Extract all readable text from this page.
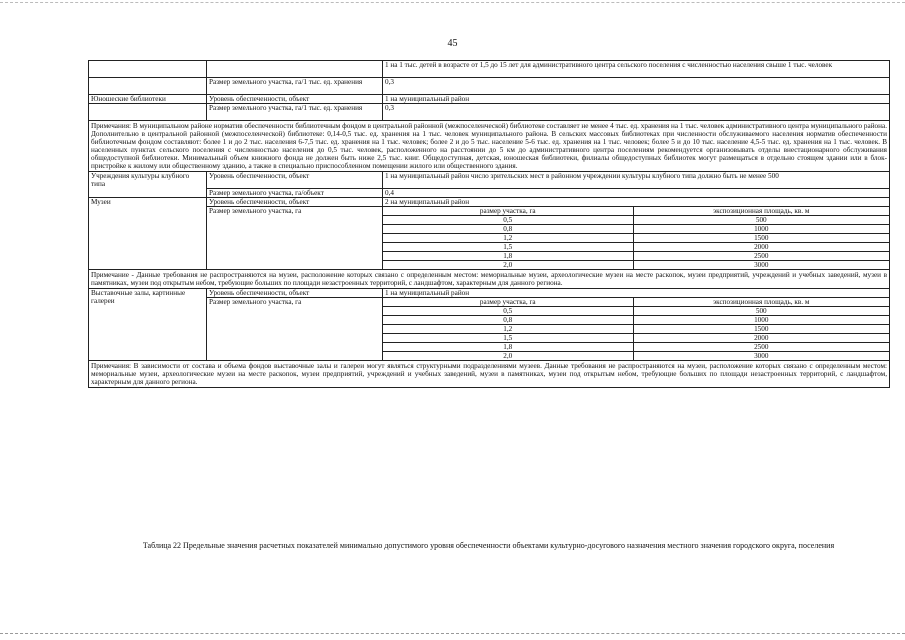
45
		1 на 1 тыс. детей в возрасте от 1,5 до 15 лет для административного центра сельского поселения с численностью населения свыше 1 тыс. человек
	Размер земельного участка, га/1 тыс. ед. хранения	0,3
Юношеские библиотеки	Уровень обеспеченности, объект	1 на муниципальный район
	Размер земельного участка, га/1 тыс. ед. хранения	0,3
Примечания: В муниципальном районе норматив обеспеченности библиотечным фондом в центральной районной (межпоселенческой) библиотеке составляет не менее 4 тыс. ед. хранения на 1 тыс. человек административного центра муниципального района. Дополнительно в центральной районной (межпоселенческой) библиотеке: 0,14-0,5 тыс. ед. хранения на 1 тыс. человек муниципального района. В сельских массовых библиотеках при численности обслуживаемого населения норматив обеспеченности библиотечным фондом составляют: более 1 и до 2 тыс. населения 6-7,5 тыс. ед. хранения на 1 тыс. человек; более 2 и до 5 тыс. население 5-6 тыс. ед. хранения на 1 тыс. человек; более 5 и до 10 тыс. население 4,5-5 тыс. ед. хранения на 1 тыс. человек. В населенных пунктах сельского поселения с численностью населения до 0,5 тыс. человек, расположенного на расстоянии до 5 км до административного центра поселениям рекомендуется организовывать отделы внестационарного обслуживания общедоступной библиотеки. Минимальный объем книжного фонда не должен быть ниже 2,5 тыс. книг. Общедоступная, детская, юношеская библиотеки, филиалы общедоступных библиотек могут размещаться в отдельно стоящем здании или в блок-пристройке к жилому или общественному зданию, а также в специально приспособленном помещении жилого или общественного здания.
Учреждения культуры клубного типа	Уровень обеспеченности, объект	1 на муниципальный район число зрительских мест в районном учреждении культуры клубного типа должно быть не менее 500
Размер земельного участка, га/объект	0,4
Музеи	Уровень обеспеченности, объект	2 на муниципальный район
Размер земельного участка, га		размер участка, га	экспозиционная площадь, кв. м
0,5	500
0,8	1000
1,2	1500
1,5	2000
1,8	2500
2,0	3000

Примечание - Данные требования не распространяются на музеи, расположение которых связано с определенным местом: мемориальные музеи, археологические музеи на месте раскопок, музеи предприятий, учреждений и учебных заведений, музеи в памятниках, музеи под открытым небом, требующие больших по площади незастроенных территорий, с ландшафтом, характерным для данного региона.
Выставочные залы, картинные галереи	Уровень обеспеченности, объект	1 на муниципальный район
Размер земельного участка, га		размер участка, га	экспозиционная площадь, кв. м
0,5	500
0,8	1000
1,2	1500
1,5	2000
1,8	2500
2,0	3000

Примечания: В зависимости от состава и объема фондов выставочные залы и галереи могут являться структурными подразделениями музеев. Данные требования не распространяются на музеи, расположение которых связано с определенным местом: мемориальные музеи, археологические музеи на месте раскопок, музеи предприятий, учреждений и учебных заведений, музеи в памятниках, музеи под открытым небом, требующие больших по площади незастроенных территорий, с ландшафтом, характерным для данного региона.
Таблица 22 Предельные значения расчетных показателей минимально допустимого уровня обеспеченности объектами культурно-досугового назначения местного значения городского округа, поселения
